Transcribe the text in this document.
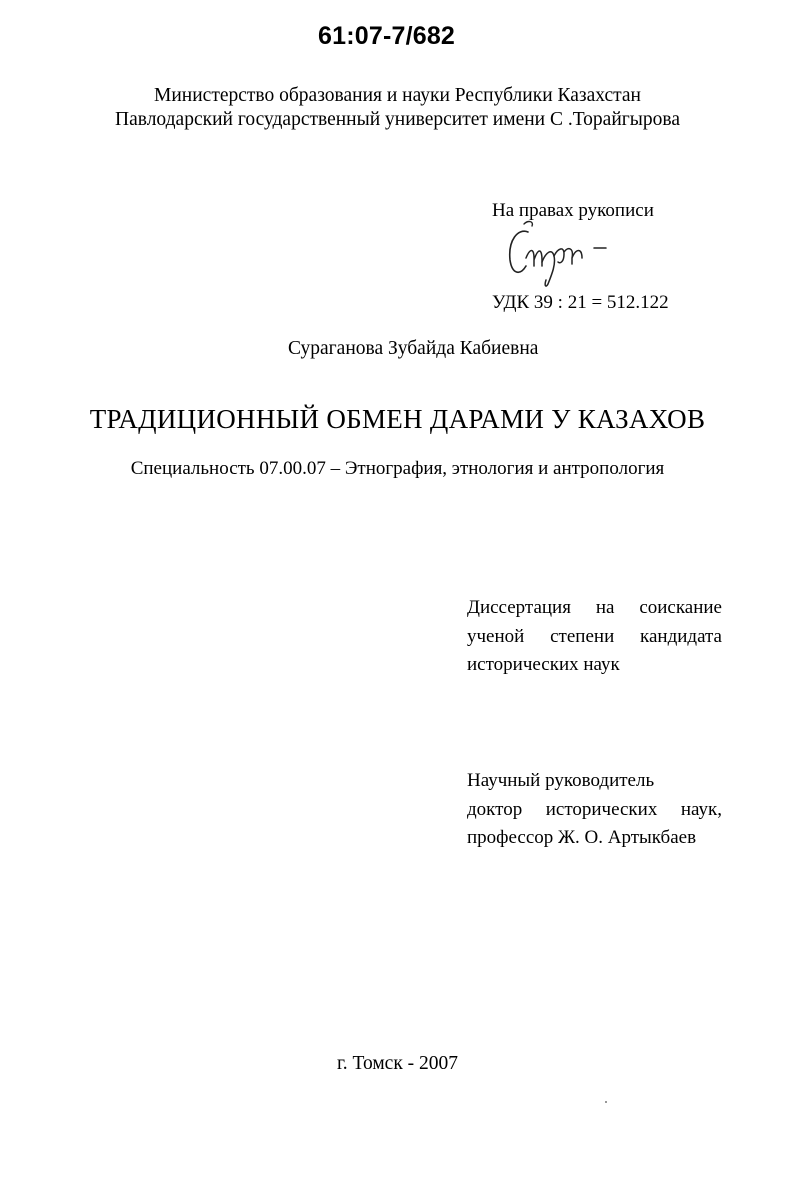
61:07-7/682
Министерство образования и науки Республики Казахстан
Павлодарский государственный университет имени С .Торайгырова
На правах рукописи
УДК 39 : 21 = 512.122
Сураганова Зубайда Кабиевна
ТРАДИЦИОННЫЙ ОБМЕН ДАРАМИ У КАЗАХОВ
Специальность 07.00.07 – Этнография, этнология и антропология
Диссертация на соискание
ученой степени кандидата
исторических наук
Научный руководитель
доктор исторических наук,
профессор Ж. О. Артыкбаев
г. Томск - 2007
